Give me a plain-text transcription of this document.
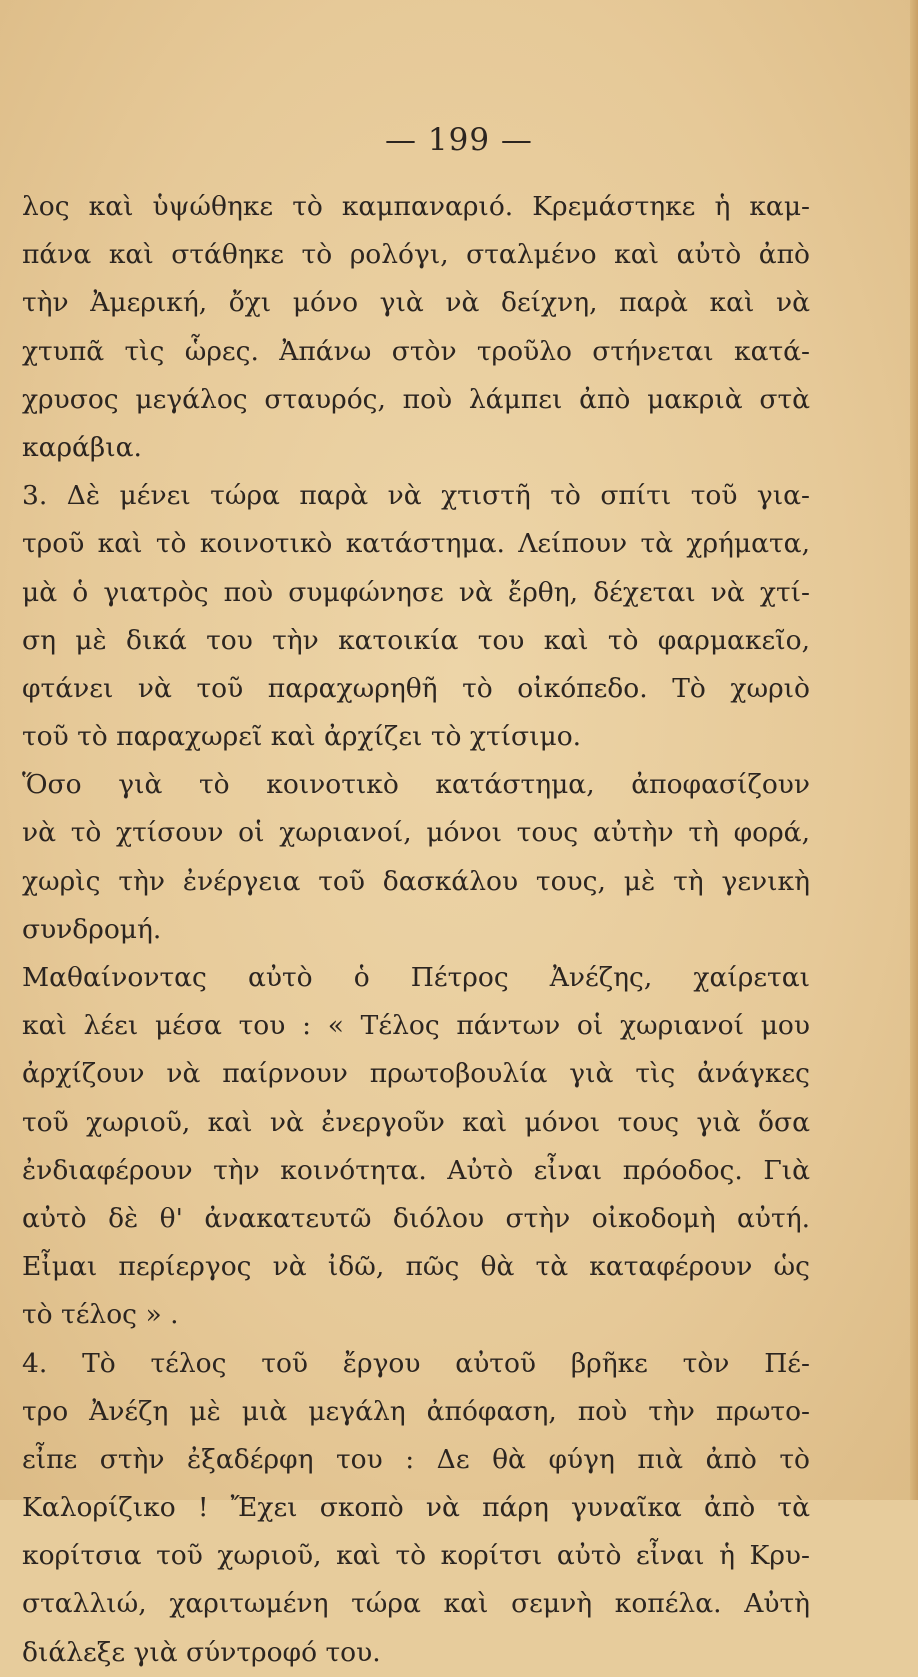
— 199 —
λος καὶ ὑψώθηκε τὸ καμπαναριό. Κρεμάστηκε ἡ καμ-
πάνα καὶ στάθηκε τὸ ρολόγι, σταλμένο καὶ αὐτὸ ἀπὸ
τὴν Ἀμερική, ὄχι μόνο γιὰ νὰ δείχνη, παρὰ καὶ νὰ
χτυπᾶ τὶς ὧρες. Ἀπάνω στὸν τροῦλο στήνεται κατά-
χρυσος μεγάλος σταυρός, ποὺ λάμπει ἀπὸ μακριὰ στὰ
καράβια.
3. Δὲ μένει τώρα παρὰ νὰ χτιστῆ τὸ σπίτι τοῦ για-
τροῦ καὶ τὸ κοινοτικὸ κατάστημα. Λείπουν τὰ χρήματα,
μὰ ὁ γιατρὸς ποὺ συμφώνησε νὰ ἔρθη, δέχεται νὰ χτί-
ση μὲ δικά του τὴν κατοικία του καὶ τὸ φαρμακεῖο,
φτάνει νὰ τοῦ παραχωρηθῆ τὸ οἰκόπεδο. Τὸ χωριὸ
τοῦ τὸ παραχωρεῖ καὶ ἀρχίζει τὸ χτίσιμο.
Ὅσο γιὰ τὸ κοινοτικὸ κατάστημα, ἀποφασίζουν
νὰ τὸ χτίσουν οἱ χωριανοί, μόνοι τους αὐτὴν τὴ φορά,
χωρὶς τὴν ἐνέργεια τοῦ δασκάλου τους, μὲ τὴ γενικὴ
συνδρομή.
Μαθαίνοντας αὐτὸ ὁ Πέτρος Ἀνέζης, χαίρεται
καὶ λέει μέσα του : « Τέλος πάντων οἱ χωριανοί μου
ἀρχίζουν νὰ παίρνουν πρωτοβουλία γιὰ τὶς ἀνάγκες
τοῦ χωριοῦ, καὶ νὰ ἐνεργοῦν καὶ μόνοι τους γιὰ ὅσα
ἐνδιαφέρουν τὴν κοινότητα. Αὐτὸ εἶναι πρόοδος. Γιὰ
αὐτὸ δὲ θ' ἀνακατευτῶ διόλου στὴν οἰκοδομὴ αὐτή.
Εἶμαι περίεργος νὰ ἰδῶ, πῶς θὰ τὰ καταφέρουν ὡς
τὸ τέλος » .
4. Τὸ τέλος τοῦ ἔργου αὐτοῦ βρῆκε τὸν Πέ-
τρο Ἀνέζη μὲ μιὰ μεγάλη ἀπόφαση, ποὺ τὴν πρωτο-
εἶπε στὴν ἐξαδέρφη του : Δε θὰ φύγη πιὰ ἀπὸ τὸ
Καλορίζικο ! Ἔχει σκοπὸ νὰ πάρη γυναῖκα ἀπὸ τὰ
κορίτσια τοῦ χωριοῦ, καὶ τὸ κορίτσι αὐτὸ εἶναι ἡ Κρυ-
σταλλιώ, χαριτωμένη τώρα καὶ σεμνὴ κοπέλα. Αὐτὴ
διάλεξε γιὰ σύντροφό του.
